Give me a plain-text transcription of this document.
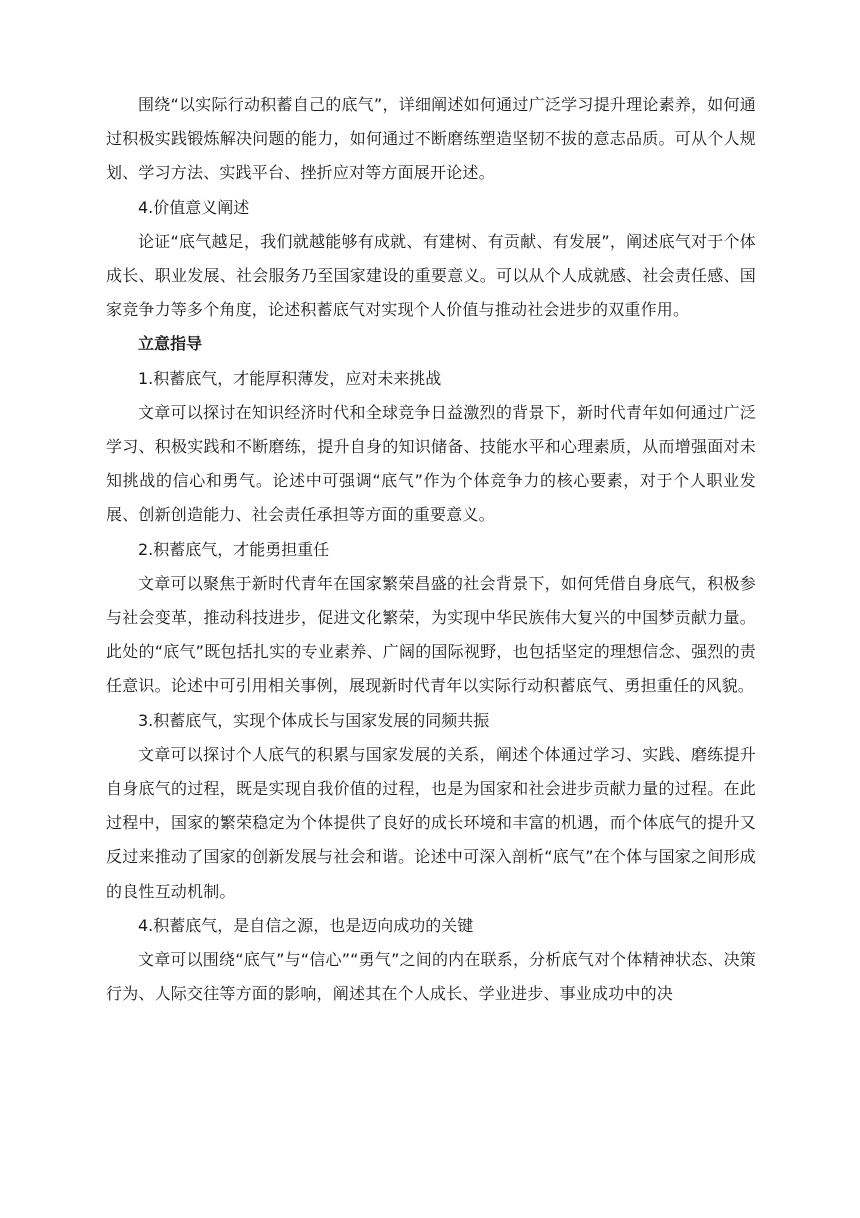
围绕“以实际行动积蓄自己的底气”，详细阐述如何通过广泛学习提升理论素养，如何通过积极实践锻炼解决问题的能力，如何通过不断磨练塑造坚韧不拔的意志品质。可从个人规划、学习方法、实践平台、挫折应对等方面展开论述。

4.价值意义阐述

论证“底气越足，我们就越能够有成就、有建树、有贡献、有发展”，阐述底气对于个体成长、职业发展、社会服务乃至国家建设的重要意义。可以从个人成就感、社会责任感、国家竞争力等多个角度，论述积蓄底气对实现个人价值与推动社会进步的双重作用。

立意指导

1.积蓄底气，才能厚积薄发，应对未来挑战

文章可以探讨在知识经济时代和全球竞争日益激烈的背景下，新时代青年如何通过广泛学习、积极实践和不断磨练，提升自身的知识储备、技能水平和心理素质，从而增强面对未知挑战的信心和勇气。论述中可强调“底气”作为个体竞争力的核心要素，对于个人职业发展、创新创造能力、社会责任承担等方面的重要意义。

2.积蓄底气，才能勇担重任

文章可以聚焦于新时代青年在国家繁荣昌盛的社会背景下，如何凭借自身底气，积极参与社会变革，推动科技进步，促进文化繁荣，为实现中华民族伟大复兴的中国梦贡献力量。此处的“底气”既包括扎实的专业素养、广阔的国际视野，也包括坚定的理想信念、强烈的责任意识。论述中可引用相关事例，展现新时代青年以实际行动积蓄底气、勇担重任的风貌。

3.积蓄底气，实现个体成长与国家发展的同频共振

文章可以探讨个人底气的积累与国家发展的关系，阐述个体通过学习、实践、磨练提升自身底气的过程，既是实现自我价值的过程，也是为国家和社会进步贡献力量的过程。在此过程中，国家的繁荣稳定为个体提供了良好的成长环境和丰富的机遇，而个体底气的提升又反过来推动了国家的创新发展与社会和谐。论述中可深入剖析“底气”在个体与国家之间形成的良性互动机制。

4.积蓄底气，是自信之源，也是迈向成功的关键

文章可以围绕“底气”与“信心”“勇气”之间的内在联系，分析底气对个体精神状态、决策行为、人际交往等方面的影响，阐述其在个人成长、学业进步、事业成功中的决
